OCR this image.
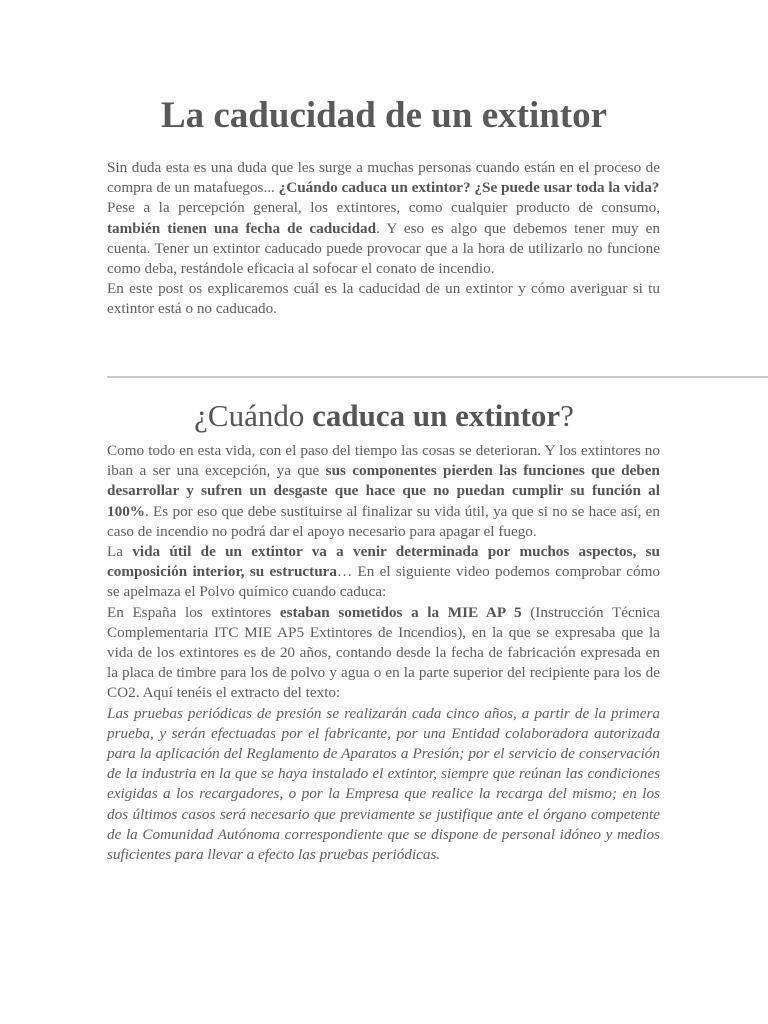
La caducidad de un extintor

Sin duda esta es una duda que les surge a muchas personas cuando están en el proceso de compra de un matafuegos... ¿Cuándo caduca un extintor? ¿Se puede usar toda la vida?

Pese a la percepción general, los extintores, como cualquier producto de consumo, también tienen una fecha de caducidad. Y eso es algo que debemos tener muy en cuenta. Tener un extintor caducado puede provocar que a la hora de utilizarlo no funcione como deba, restándole eficacia al sofocar el conato de incendio.

En este post os explicaremos cuál es la caducidad de un extintor y cómo averiguar si tu extintor está o no caducado.

¿Cuándo caduca un extintor?

Como todo en esta vida, con el paso del tiempo las cosas se deterioran. Y los extintores no iban a ser una excepción, ya que sus componentes pierden las funciones que deben desarrollar y sufren un desgaste que hace que no puedan cumplir su función al 100%. Es por eso que debe sustituirse al finalizar su vida útil, ya que si no se hace así, en caso de incendio no podrá dar el apoyo necesario para apagar el fuego.

La vida útil de un extintor va a venir determinada por muchos aspectos, su composición interior, su estructura… En el siguiente video podemos comprobar cómo se apelmaza el Polvo químico cuando caduca:

En España los extintores estaban sometidos a la MIE AP 5 (Instrucción Técnica Complementaria ITC MIE AP5 Extintores de Incendios), en la que se expresaba que la vida de los extintores es de 20 años, contando desde la fecha de fabricación expresada en la placa de timbre para los de polvo y agua o en la parte superior del recipiente para los de CO2. Aquí tenéis el extracto del texto:

Las pruebas periódicas de presión se realizarán cada cinco años, a partir de la primera prueba, y serán efectuadas por el fabricante, por una Entidad colaboradora autorizada para la aplicación del Reglamento de Aparatos a Presión; por el servicio de conservación de la industria en la que se haya instalado el extintor, siempre que reúnan las condiciones exigidas a los recargadores, o por la Empresa que realice la recarga del mismo; en los dos últimos casos será necesario que previamente se justifique ante el órgano competente de la Comunidad Autónoma correspondiente que se dispone de personal idóneo y medios suficientes para llevar a efecto las pruebas periódicas.
